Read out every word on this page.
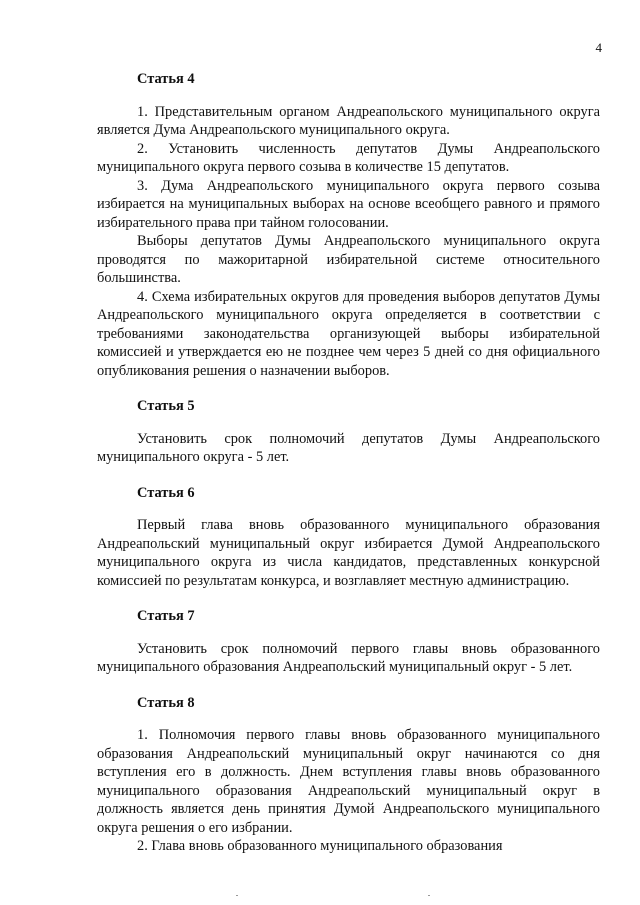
4

Статья 4

1. Представительным органом Андреапольского муниципального округа является Дума Андреапольского муниципального округа.

2. Установить численность депутатов Думы Андреапольского муниципального округа первого созыва в количестве 15 депутатов.

3. Дума Андреапольского муниципального округа первого созыва избирается на муниципальных выборах на основе всеобщего равного и прямого избирательного права при тайном голосовании.

Выборы депутатов Думы Андреапольского муниципального округа проводятся по мажоритарной избирательной системе относительного большинства.

4. Схема избирательных округов для проведения выборов депутатов Думы Андреапольского муниципального округа определяется в соответствии с требованиями законодательства организующей выборы избирательной комиссией и утверждается ею не позднее чем через 5 дней со дня официального опубликования решения о назначении выборов.

Статья 5

Установить срок полномочий депутатов Думы Андреапольского муниципального округа - 5 лет.

Статья 6

Первый глава вновь образованного муниципального образования Андреапольский муниципальный округ избирается Думой Андреапольского муниципального округа из числа кандидатов, представленных конкурсной комиссией по результатам конкурса, и возглавляет местную администрацию.

Статья 7

Установить срок полномочий первого главы вновь образованного муниципального образования Андреапольский муниципальный округ - 5 лет.

Статья 8

1. Полномочия первого главы вновь образованного муниципального образования Андреапольский муниципальный округ начинаются со дня вступления его в должность. Днем вступления главы вновь образованного муниципального образования Андреапольский муниципальный округ в должность является день принятия Думой Андреапольского муниципального округа решения о его избрании.

2. Глава вновь образованного муниципального образования
